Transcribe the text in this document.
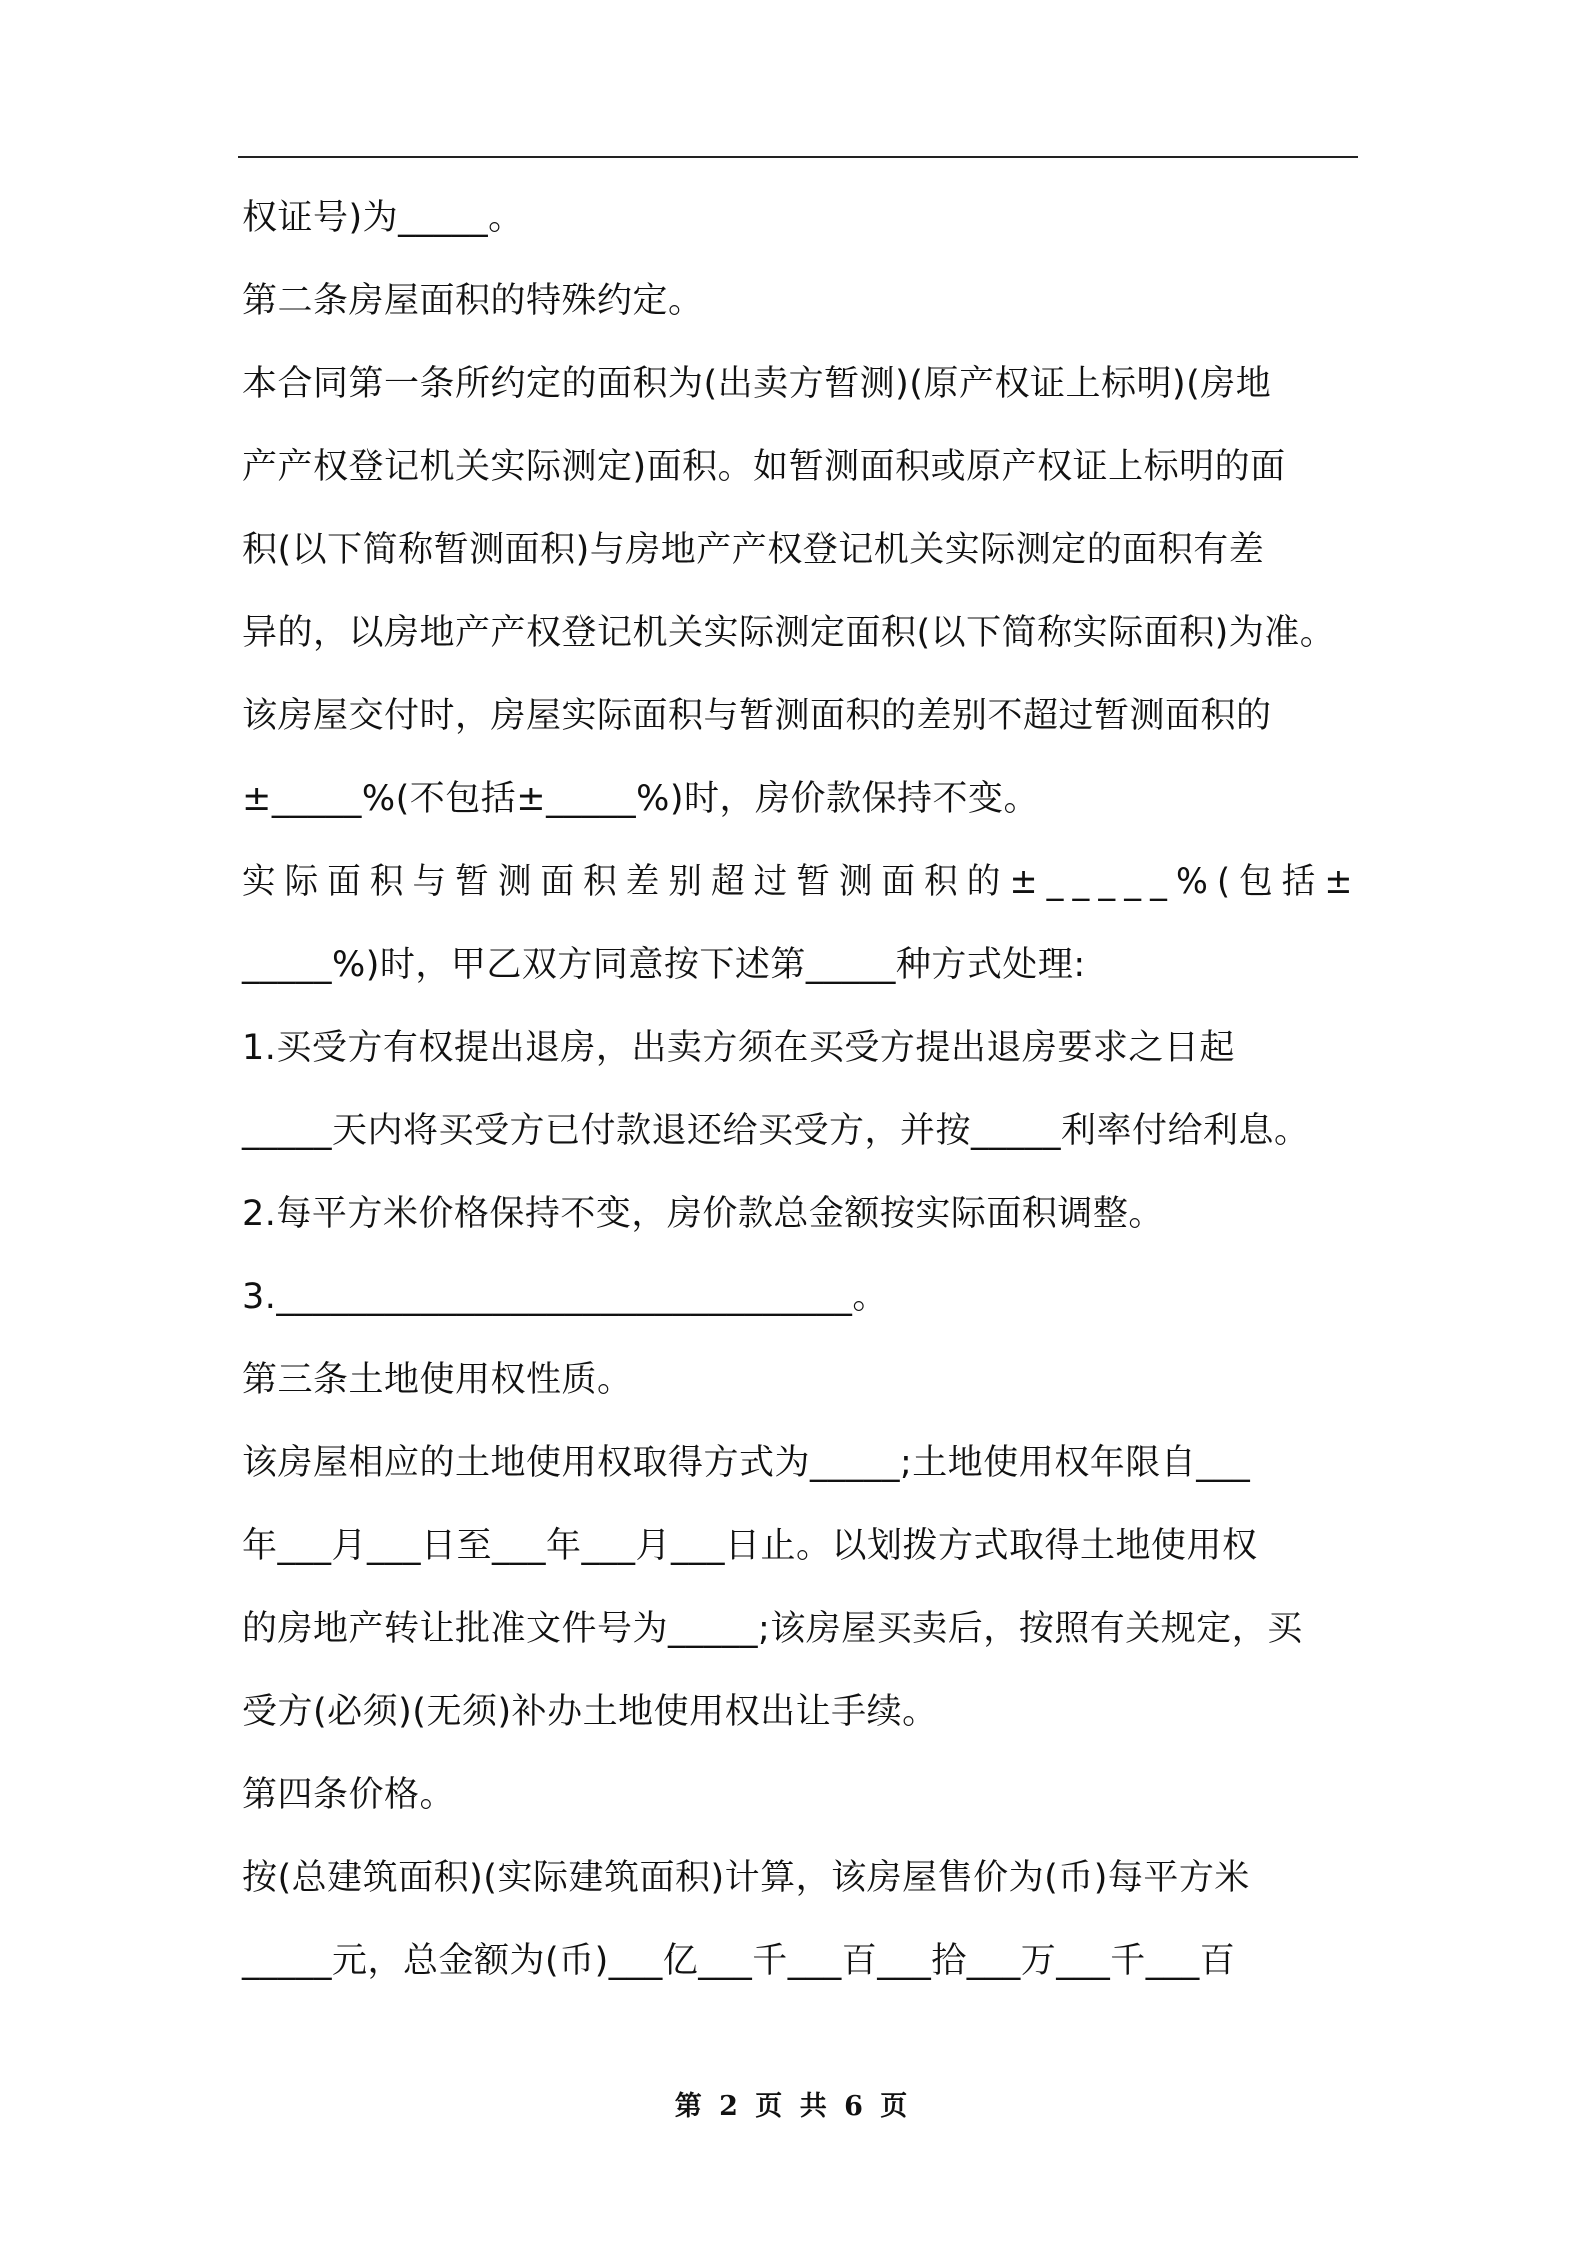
权证号)为_____。
第二条房屋面积的特殊约定。
本合同第一条所约定的面积为(出卖方暂测)(原产权证上标明)(房地
产产权登记机关实际测定)面积。如暂测面积或原产权证上标明的面
积(以下简称暂测面积)与房地产产权登记机关实际测定的面积有差
异的，以房地产产权登记机关实际测定面积(以下简称实际面积)为准。
该房屋交付时，房屋实际面积与暂测面积的差别不超过暂测面积的
±_____%(不包括±_____%)时，房价款保持不变。
实际面积与暂测面积差别超过暂测面积的±_____%(包括±
_____%)时，甲乙双方同意按下述第_____种方式处理:
1.买受方有权提出退房，出卖方须在买受方提出退房要求之日起
_____天内将买受方已付款退还给买受方，并按_____利率付给利息。
2.每平方米价格保持不变，房价款总金额按实际面积调整。
3.________________________________。
第三条土地使用权性质。
该房屋相应的土地使用权取得方式为_____;土地使用权年限自___
年___月___日至___年___月___日止。以划拨方式取得土地使用权
的房地产转让批准文件号为_____;该房屋买卖后，按照有关规定，买
受方(必须)(无须)补办土地使用权出让手续。
第四条价格。
按(总建筑面积)(实际建筑面积)计算，该房屋售价为(币)每平方米
_____元，总金额为(币)___亿___千___百___拾___万___千___百
第 2 页 共 6 页
